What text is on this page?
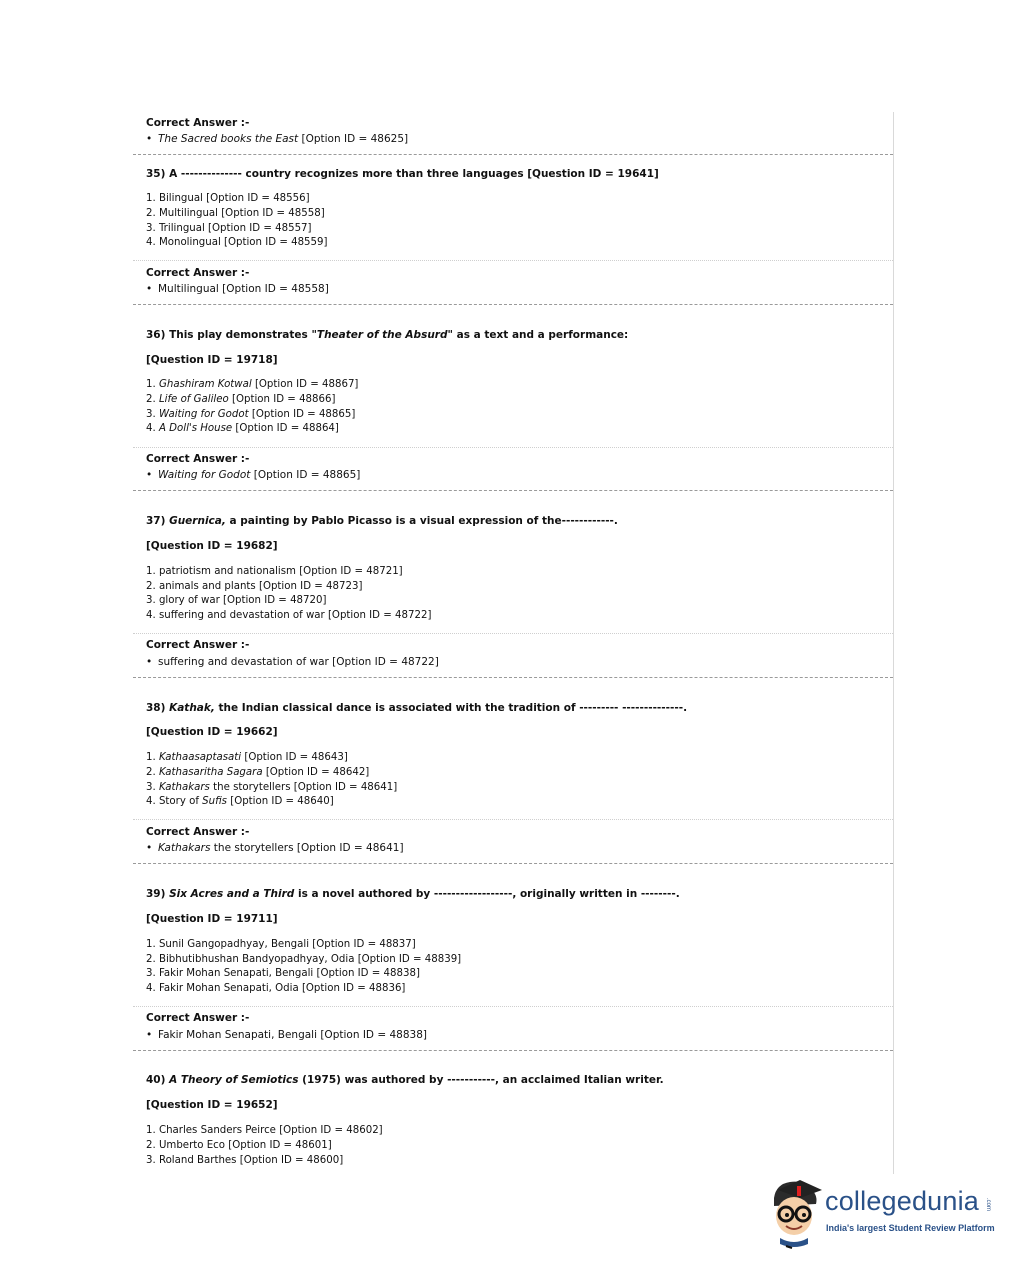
Correct Answer :-
• The Sacred books the East [Option ID = 48625]
35) A -------------- country recognizes more than three languages [Question ID = 19641]
1. Bilingual [Option ID = 48556]
2. Multilingual [Option ID = 48558]
3. Trilingual [Option ID = 48557]
4. Monolingual [Option ID = 48559]
Correct Answer :-
• Multilingual [Option ID = 48558]
36) This play demonstrates "Theater of the Absurd" as a text and a performance:
[Question ID = 19718]
1. Ghashiram Kotwal [Option ID = 48867]
2. Life of Galileo [Option ID = 48866]
3. Waiting for Godot [Option ID = 48865]
4. A Doll's House [Option ID = 48864]
Correct Answer :-
• Waiting for Godot [Option ID = 48865]
37) Guernica, a painting by Pablo Picasso is a visual expression of the------------.
[Question ID = 19682]
1. patriotism and nationalism [Option ID = 48721]
2. animals and plants [Option ID = 48723]
3. glory of war [Option ID = 48720]
4. suffering and devastation of war [Option ID = 48722]
Correct Answer :-
• suffering and devastation of war [Option ID = 48722]
38) Kathak, the Indian classical dance is associated with the tradition of --------- --------------.
[Question ID = 19662]
1. Kathaasaptasati [Option ID = 48643]
2. Kathasaritha Sagara [Option ID = 48642]
3. Kathakars the storytellers [Option ID = 48641]
4. Story of Sufis [Option ID = 48640]
Correct Answer :-
• Kathakars the storytellers [Option ID = 48641]
39) Six Acres and a Third is a novel authored by ------------------, originally written in --------.
[Question ID = 19711]
1. Sunil Gangopadhyay, Bengali [Option ID = 48837]
2. Bibhutibhushan Bandyopadhyay, Odia [Option ID = 48839]
3. Fakir Mohan Senapati, Bengali [Option ID = 48838]
4. Fakir Mohan Senapati, Odia [Option ID = 48836]
Correct Answer :-
• Fakir Mohan Senapati, Bengali [Option ID = 48838]
40) A Theory of Semiotics (1975) was authored by -----------, an acclaimed Italian writer.
[Question ID = 19652]
1. Charles Sanders Peirce [Option ID = 48602]
2. Umberto Eco [Option ID = 48601]
3. Roland Barthes [Option ID = 48600]
collegedunia .com
India's largest Student Review Platform
